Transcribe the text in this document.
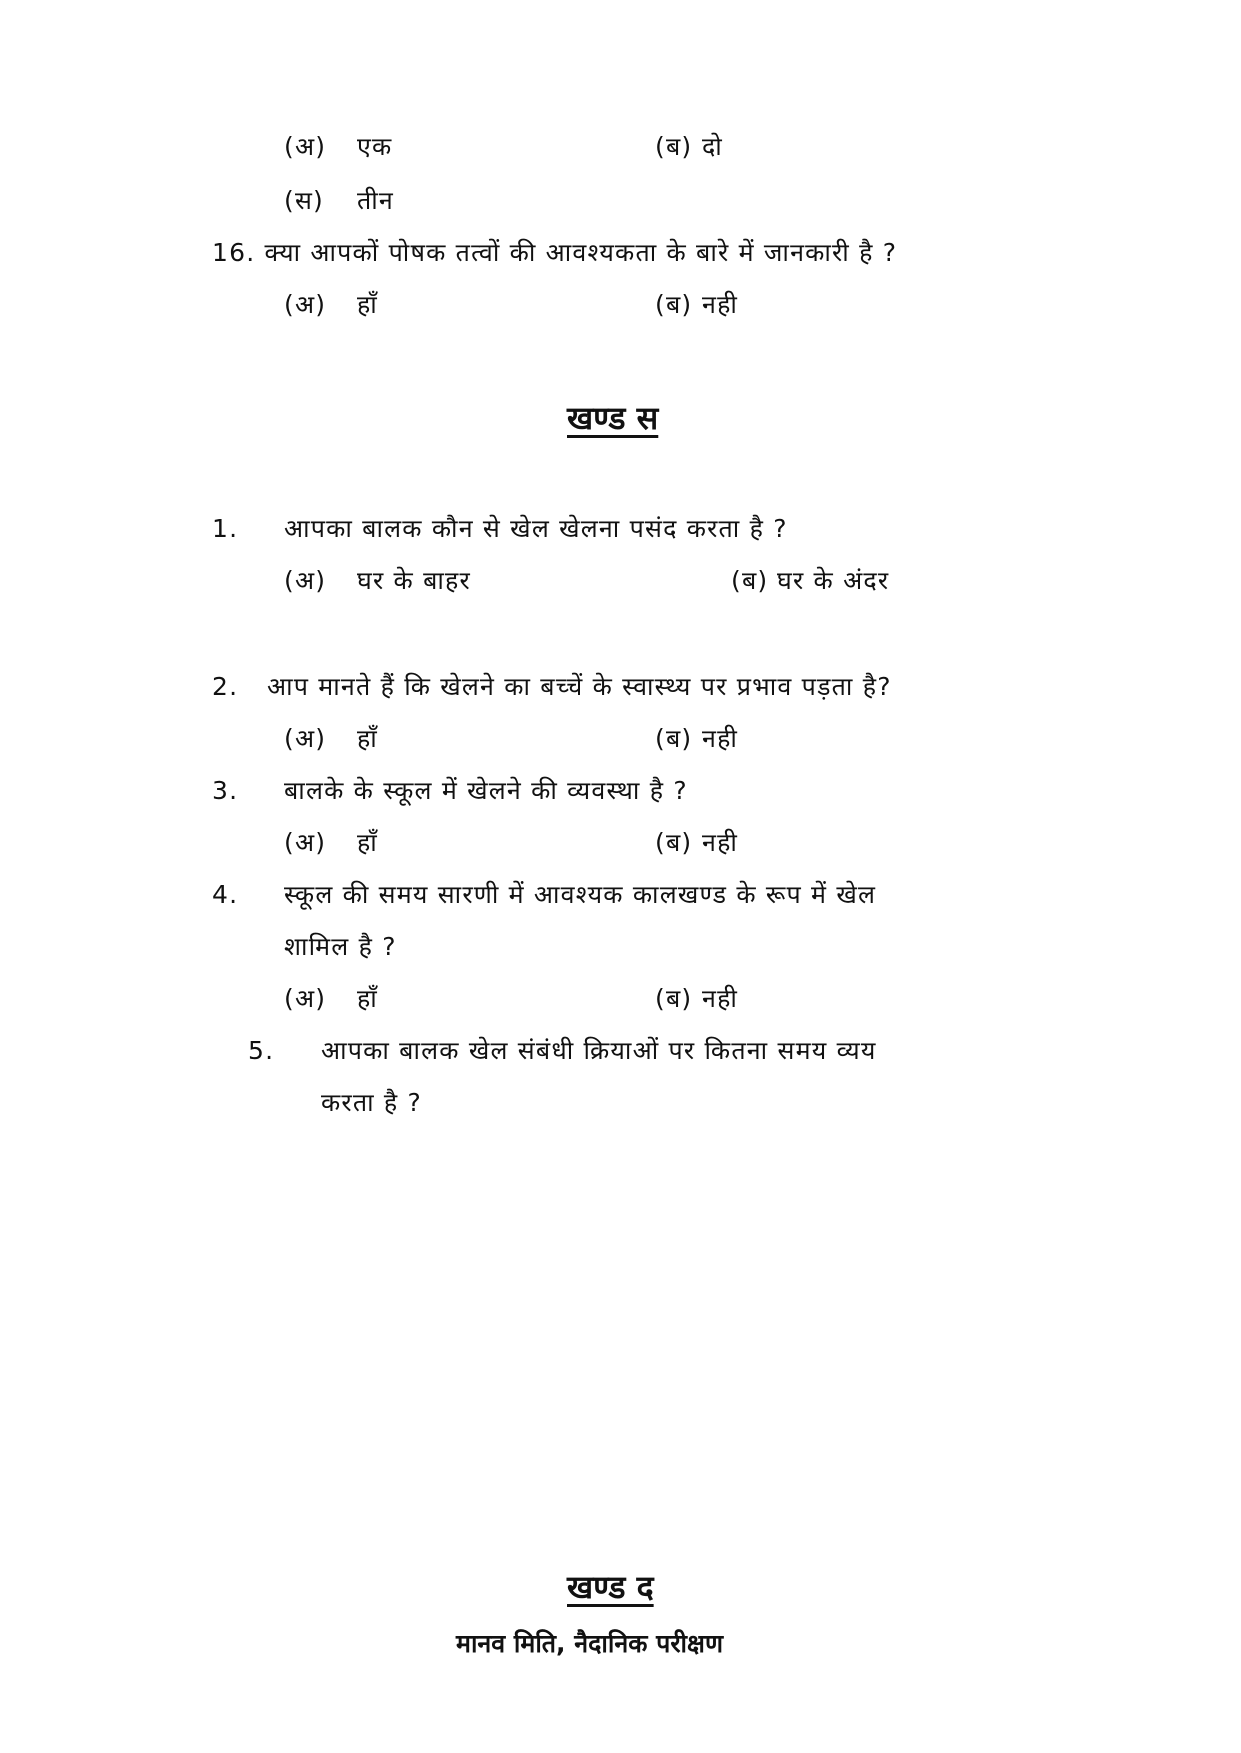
(अ) एक	(ब) दो
(स) तीन
16. क्या आपकों पोषक तत्वों की आवश्यकता के बारे में जानकारी है ?
(अ) हाँ	(ब) नही
खण्ड स
1. आपका बालक कौन से खेल खेलना पसंद करता है ?
(अ) घर के बाहर	(ब) घर के अंदर
2. आप मानते हैं कि खेलने का बच्चें के स्वास्थ्य पर प्रभाव पड़ता है?
(अ) हाँ	(ब) नही
3. बालके के स्कूल में खेलने की व्यवस्था है ?
(अ) हाँ	(ब) नही
4. स्कूल की समय सारणी में आवश्यक कालखण्ड के रूप में खेल
शामिल है ?
(अ) हाँ	(ब) नही
5. आपका बालक खेल संबंधी क्रियाओं पर कितना समय व्यय
करता है ?
खण्ड द
मानव मिति, नैदानिक परीक्षण
